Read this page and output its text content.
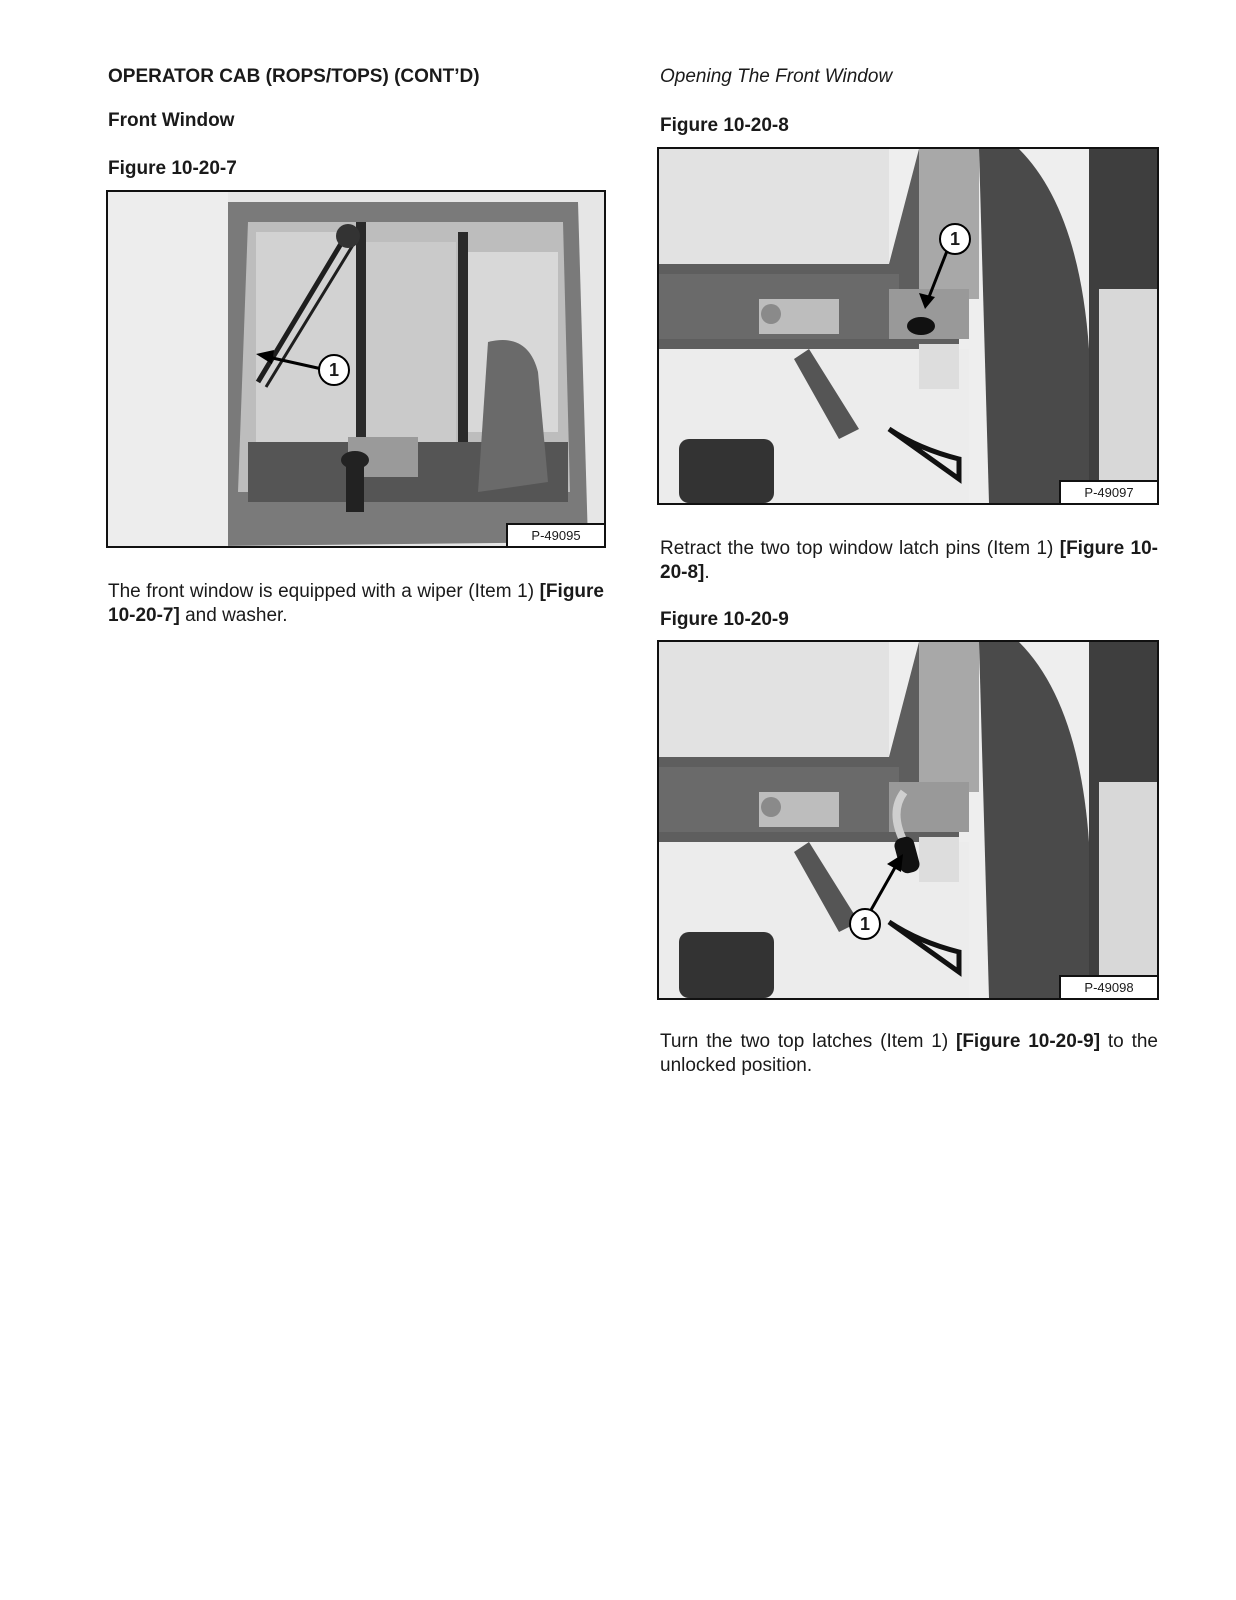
OPERATOR CAB (ROPS/TOPS) (CONT’D)
Front Window
Figure 10-20-7
1
P-49095
The front window is equipped with a wiper (Item 1) [Figure 10-20-7] and washer.
Opening The Front Window
Figure 10-20-8
1
P-49097
Retract the two top window latch pins (Item 1) [Figure 10-20-8].
Figure 10-20-9
1
P-49098
Turn the two top latches (Item 1) [Figure 10-20-9] to the unlocked position.
